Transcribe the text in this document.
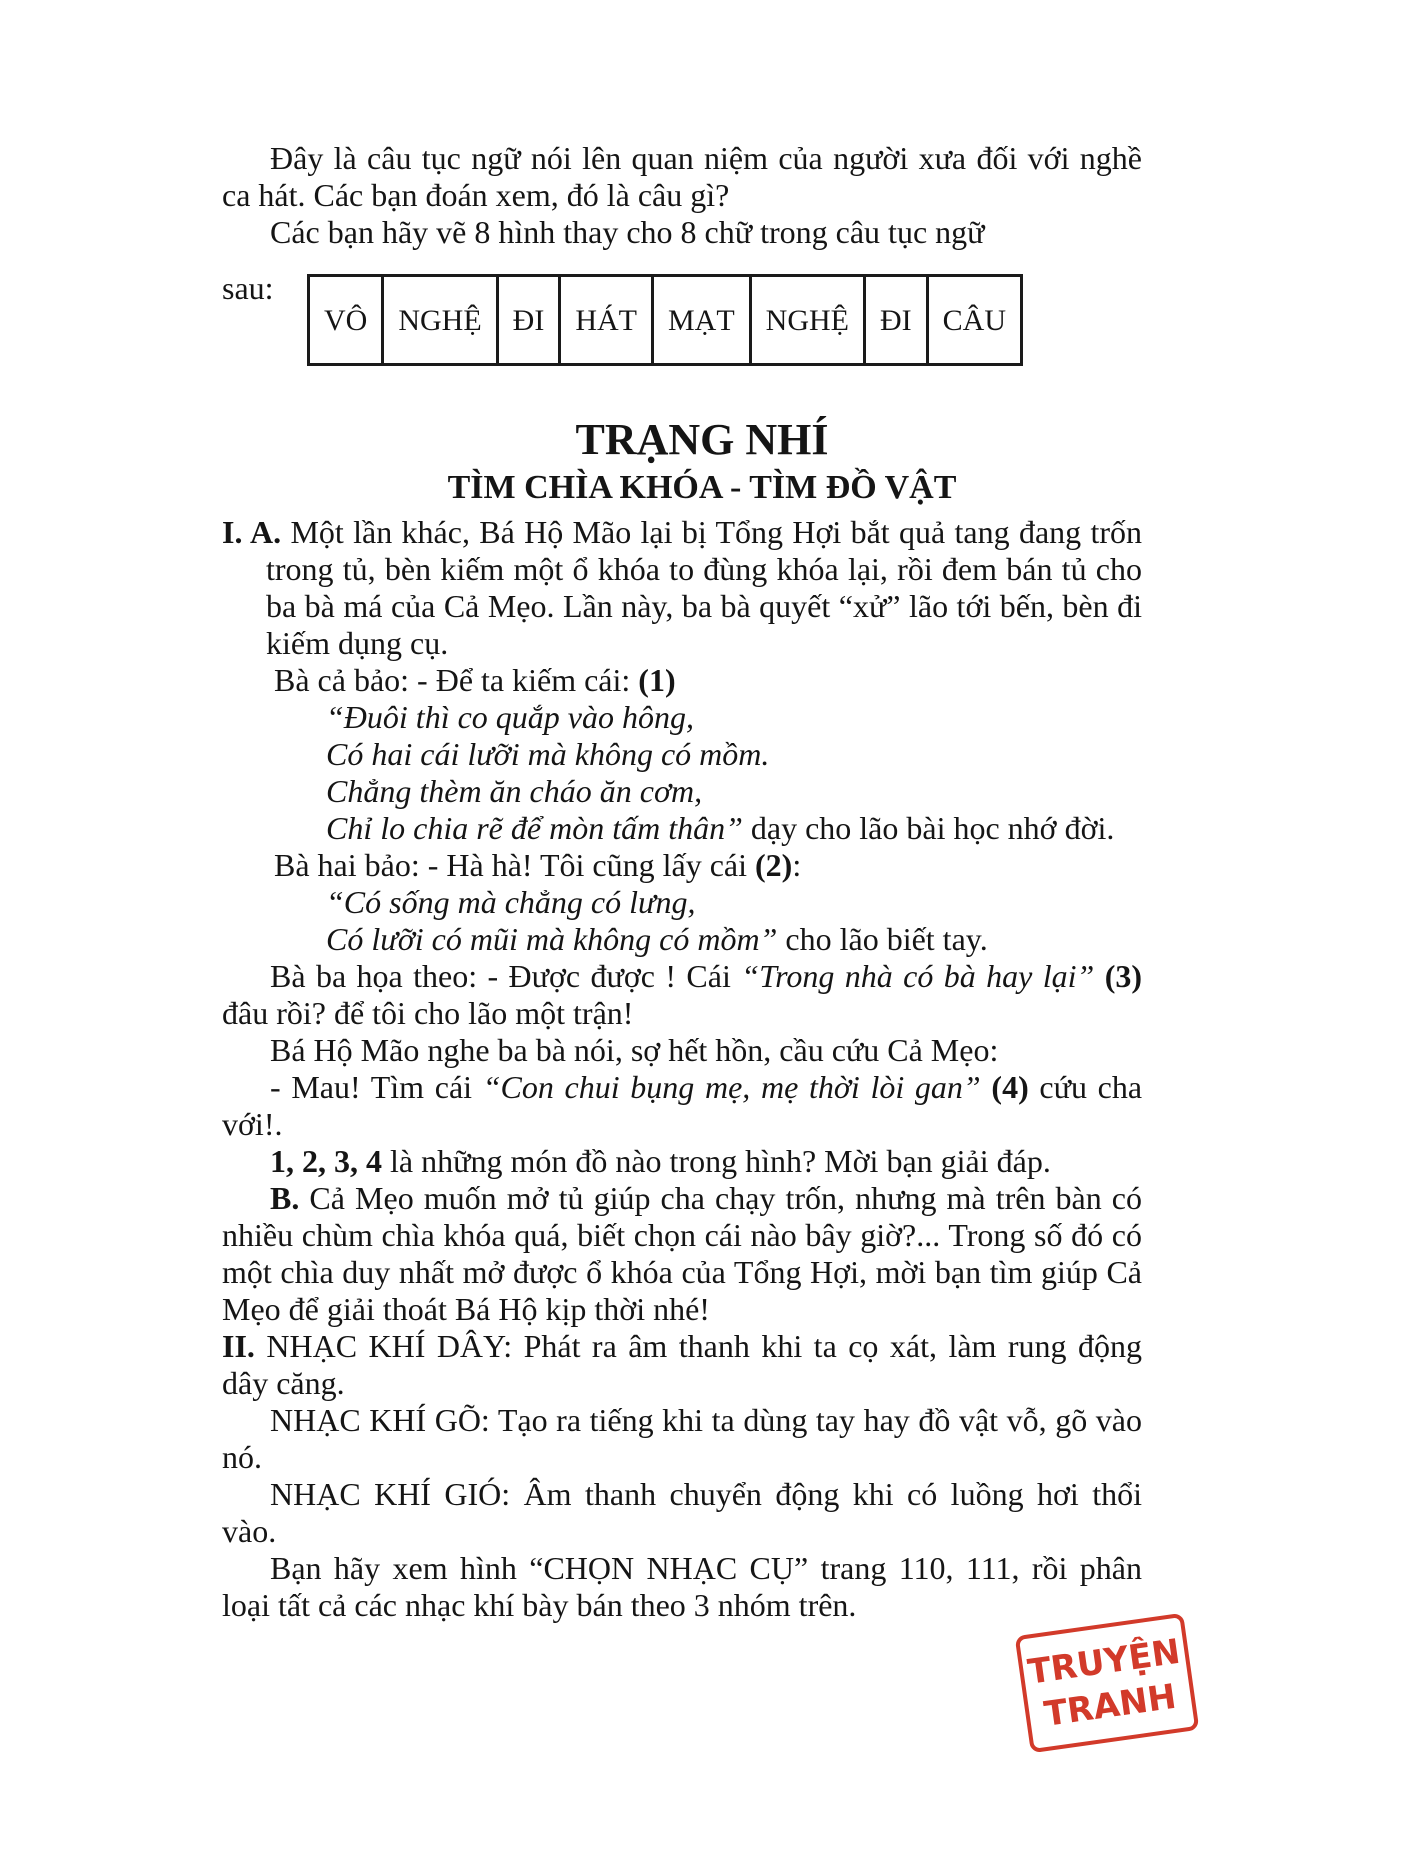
Đây là câu tục ngữ nói lên quan niệm của người xưa đối với nghề ca hát. Các bạn đoán xem, đó là câu gì?

Các bạn hãy vẽ 8 hình thay cho 8 chữ trong câu tục ngữ

sau:
VÔ	NGHỆ	ĐI	HÁT	MẠT	NGHỆ	ĐI	CÂU
TRẠNG NHÍ
TÌM CHÌA KHÓA - TÌM ĐỒ VẬT

I. A. Một lần khác, Bá Hộ Mão lại bị Tổng Hợi bắt quả tang đang trốn trong tủ, bèn kiếm một ổ khóa to đùng khóa lại, rồi đem bán tủ cho ba bà má của Cả Mẹo. Lần này, ba bà quyết “xử” lão tới bến, bèn đi kiếm dụng cụ.

Bà cả bảo: - Để ta kiếm cái: (1)

“Đuôi thì co quắp vào hông,

Có hai cái lưỡi mà không có mồm.

Chẳng thèm ăn cháo ăn cơm,

Chỉ lo chia rẽ để mòn tấm thân” dạy cho lão bài học nhớ đời.

Bà hai bảo: - Hà hà! Tôi cũng lấy cái (2):

“Có sống mà chẳng có lưng,

Có lưỡi có mũi mà không có mồm” cho lão biết tay.

Bà ba họa theo: - Được được ! Cái “Trong nhà có bà hay lại” (3) đâu rồi? để tôi cho lão một trận!

Bá Hộ Mão nghe ba bà nói, sợ hết hồn, cầu cứu Cả Mẹo:

- Mau! Tìm cái “Con chui bụng mẹ, mẹ thời lòi gan” (4) cứu cha với!.

1, 2, 3, 4 là những món đồ nào trong hình? Mời bạn giải đáp.

B. Cả Mẹo muốn mở tủ giúp cha chạy trốn, nhưng mà trên bàn có nhiều chùm chìa khóa quá, biết chọn cái nào bây giờ?... Trong số đó có một chìa duy nhất mở được ổ khóa của Tổng Hợi, mời bạn tìm giúp Cả Mẹo để giải thoát Bá Hộ kịp thời nhé!

II. NHẠC KHÍ DÂY: Phát ra âm thanh khi ta cọ xát, làm rung động dây căng.

NHẠC KHÍ GÕ: Tạo ra tiếng khi ta dùng tay hay đồ vật vỗ, gõ vào nó.

NHẠC KHÍ GIÓ: Âm thanh chuyển động khi có luồng hơi thổi vào.

Bạn hãy xem hình “CHỌN NHẠC CỤ” trang 110, 111, rồi phân loại tất cả các nhạc khí bày bán theo 3 nhóm trên.

TRUYỆN
TRANH
